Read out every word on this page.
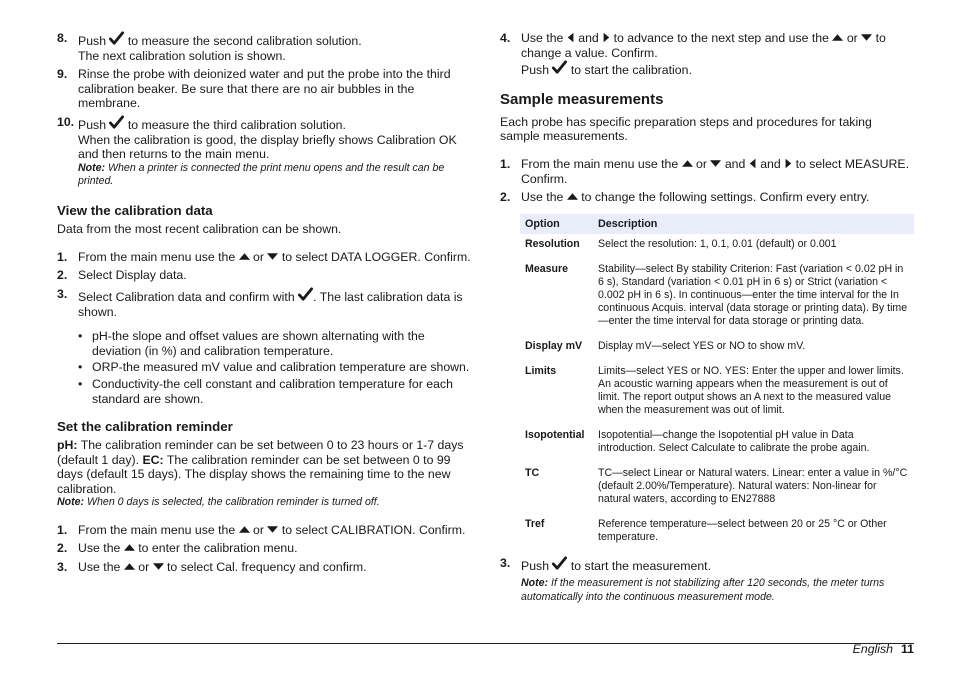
8. Push to measure the second calibration solution.
The next calibration solution is shown.
9. Rinse the probe with deionized water and put the probe into the third calibration beaker. Be sure that there are no air bubbles in the membrane.
10. Push to measure the third calibration solution.
When the calibration is good, the display briefly shows Calibration OK and then returns to the main menu.
Note: When a printer is connected the print menu opens and the result can be printed.
View the calibration data
Data from the most recent calibration can be shown.
1. From the main menu use the or to select DATA LOGGER. Confirm.
2. Select Display data.
3. Select Calibration data and confirm with . The last calibration data is shown.
• pH-the slope and offset values are shown alternating with the deviation (in %) and calibration temperature.
• ORP-the measured mV value and calibration temperature are shown.
• Conductivity-the cell constant and calibration temperature for each standard are shown.
Set the calibration reminder
pH: The calibration reminder can be set between 0 to 23 hours or 1-7 days (default 1 day). EC: The calibration reminder can be set between 0 to 99 days (default 15 days). The display shows the remaining time to the new calibration.
Note: When 0 days is selected, the calibration reminder is turned off.
1. From the main menu use the or to select CALIBRATION. Confirm.
2. Use the to enter the calibration menu.
3. Use the or to select Cal. frequency and confirm.
4. Use the and to advance to the next step and use the or to change a value. Confirm.
Push to start the calibration.
Sample measurements
Each probe has specific preparation steps and procedures for taking sample measurements.
1. From the main menu use the or and and to select MEASURE. Confirm.
2. Use the to change the following settings. Confirm every entry.
Option	Description
Resolution	Select the resolution: 1, 0.1, 0.01 (default) or 0.001
Measure	Stability—select By stability Criterion: Fast (variation < 0.02 pH in 6 s), Standard (variation < 0.01 pH in 6 s) or Strict (variation < 0.002 pH in 6 s). In continuous—enter the time interval for the In continuous Acquis. interval (data storage or printing data). By time—enter the time interval for data storage or printing data.
Display mV	Display mV—select YES or NO to show mV.
Limits	Limits—select YES or NO. YES: Enter the upper and lower limits. An acoustic warning appears when the measurement is out of limit. The report output shows an A next to the measured value when the measurement was out of limit.
Isopotential	Isopotential—change the Isopotential pH value in Data introduction. Select Calculate to calibrate the probe again.
TC	TC—select Linear or Natural waters. Linear: enter a value in %/°C (default 2.00%/Temperature). Natural waters: Non-linear for natural waters, according to EN27888
Tref	Reference temperature—select between 20 or 25 °C or Other temperature.
3. Push to start the measurement.
Note: If the measurement is not stabilizing after 120 seconds, the meter turns automatically into the continuous measurement mode.
English 11
